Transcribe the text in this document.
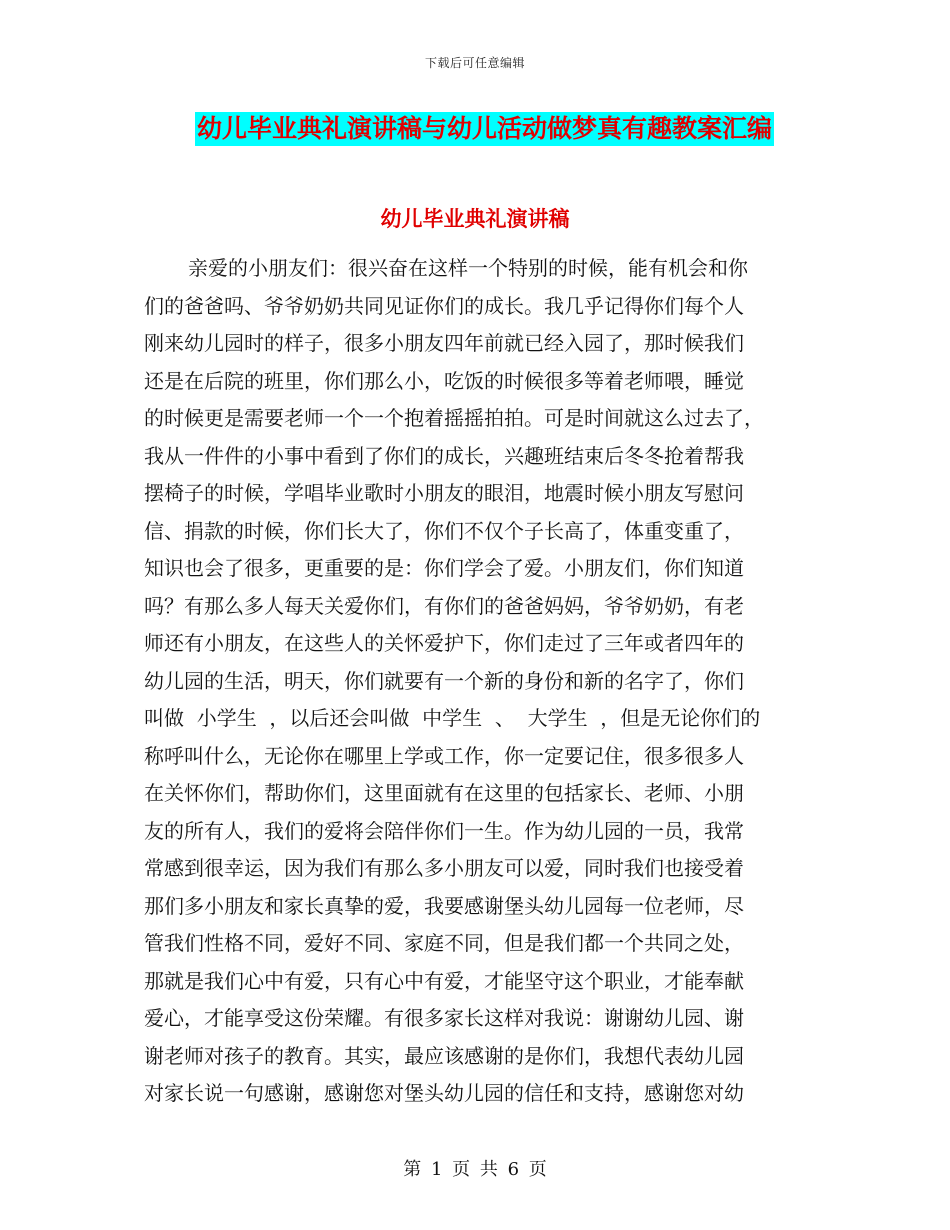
下载后可任意编辑
幼儿毕业典礼演讲稿与幼儿活动做梦真有趣教案汇编
幼儿毕业典礼演讲稿
亲爱的小朋友们：很兴奋在这样一个特别的时候，能有机会和你
们的爸爸吗、爷爷奶奶共同见证你们的成长。我几乎记得你们每个人
刚来幼儿园时的样子，很多小朋友四年前就已经入园了，那时候我们
还是在后院的班里，你们那么小，吃饭的时候很多等着老师喂，睡觉
的时候更是需要老师一个一个抱着摇摇拍拍。可是时间就这么过去了，
我从一件件的小事中看到了你们的成长，兴趣班结束后冬冬抢着帮我
摆椅子的时候，学唱毕业歌时小朋友的眼泪，地震时候小朋友写慰问
信、捐款的时候，你们长大了，你们不仅个子长高了，体重变重了，
知识也会了很多，更重要的是：你们学会了爱。小朋友们，你们知道
吗？有那么多人每天关爱你们，有你们的爸爸妈妈，爷爷奶奶，有老
师还有小朋友，在这些人的关怀爱护下，你们走过了三年或者四年的
幼儿园的生活，明天，你们就要有一个新的身份和新的名字了，你们
叫做  小学生  ，以后还会叫做  中学生  、  大学生  ，但是无论你们的
称呼叫什么，无论你在哪里上学或工作，你一定要记住，很多很多人
在关怀你们，帮助你们，这里面就有在这里的包括家长、老师、小朋
友的所有人，我们的爱将会陪伴你们一生。作为幼儿园的一员，我常
常感到很幸运，因为我们有那么多小朋友可以爱，同时我们也接受着
那们多小朋友和家长真挚的爱，我要感谢堡头幼儿园每一位老师，尽
管我们性格不同，爱好不同、家庭不同，但是我们都一个共同之处，
那就是我们心中有爱，只有心中有爱，才能坚守这个职业，才能奉献
爱心，才能享受这份荣耀。有很多家长这样对我说：谢谢幼儿园、谢
谢老师对孩子的教育。其实，最应该感谢的是你们，我想代表幼儿园
对家长说一句感谢，感谢您对堡头幼儿园的信任和支持，感谢您对幼
第 1 页 共 6 页
